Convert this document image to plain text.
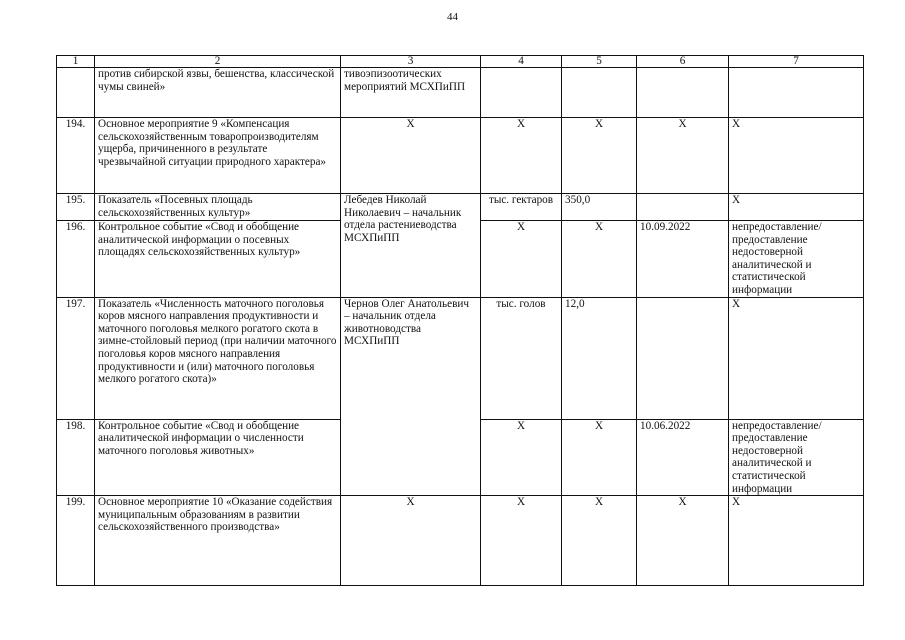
44
1	2	3	4	5	6	7
	против сибирской язвы, бешенства, классической чумы свиней»	тивоэпизоотических мероприятий МСХПиПП				
194.	Основное мероприятие 9 «Компенсация сельскохозяйственным товаропроизводителям ущерба, причиненного в результате чрезвычайной ситуации природного характера»	X	X	X	X	X
195.	Показатель «Посевных площадь сельскохозяйственных культур»	Лебедев Николай Николаевич – начальник отдела растениеводства МСХПиПП	тыс. гектаров	350,0		X
196.	Контрольное событие «Свод и обобщение аналитической информации о посевных площадях сельскохозяйственных культур»		X	X	10.09.2022	непредоставление/ предоставление недостоверной аналитической и статистической информации
197.	Показатель «Численность маточного поголовья коров мясного направления продуктивности и маточного поголовья мелкого рогатого скота в зимне-стойловый период (при наличии маточного поголовья коров мясного направления продуктивности и (или) маточного поголовья мелкого рогатого скота)»	Чернов Олег Анатольевич – начальник отдела животноводства МСХПиПП	тыс. голов	12,0		X
198.	Контрольное событие «Свод и обобщение аналитической информации о численности маточного поголовья животных»		X	X	10.06.2022	непредоставление/ предоставление недостоверной аналитической и статистической информации
199.	Основное мероприятие 10 «Оказание содействия муниципальным образованиям в развитии сельскохозяйственного производства»	X	X	X	X	X
